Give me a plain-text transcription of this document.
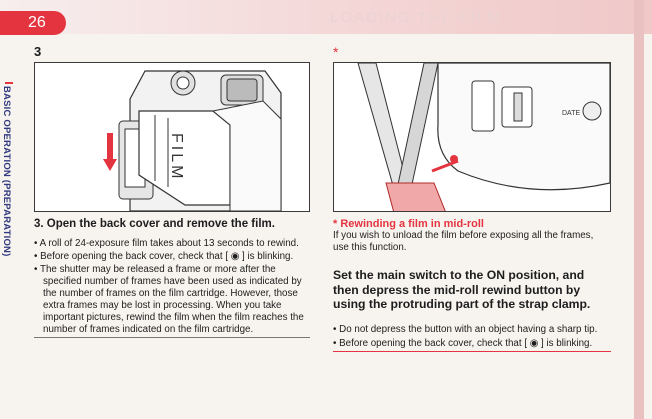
LOADING THE FILM
26
BASIC OPERATION (PREPARATION)
3
FILM
3. Open the back cover and remove the film.
• A roll of 24-exposure film takes about 13 seconds to rewind.
• Before opening the back cover, check that [ ◉ ] is blinking.
• The shutter may be released a frame or more after the specified number of frames have been used as indicated by the number of frames on the film cartridge. However, those extra frames may be lost in processing. When you take important pictures, rewind the film when the film reaches the number of frames indicated on the film cartridge.
*
DATE
* Rewinding a film in mid-roll
If you wish to unload the film before exposing all the frames, use this function.
Set the main switch to the ON position, and then depress the mid-roll rewind button by using the protruding part of the strap clamp.
• Do not depress the button with an object having a sharp tip.
• Before opening the back cover, check that [ ◉ ] is blinking.
